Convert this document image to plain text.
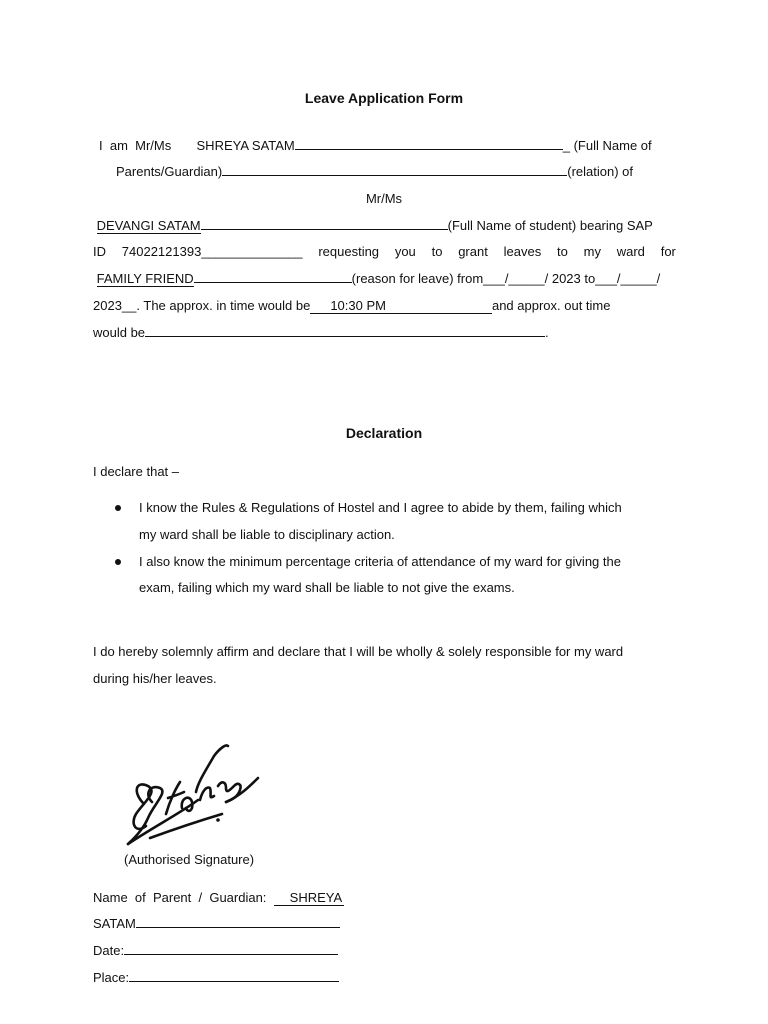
Leave Application Form
I  am  Mr/Ms SHREYA SATAM	_ (Full Name of
Parents/Guardian)	(relation) of
Mr/Ms
DEVANGI SATAM	(Full Name of student) bearing SAP
ID 74022121393______________ requesting you to grant leaves to my ward for
FAMILY FRIEND	(reason for leave) from___/_____/ 2023 to___/_____/
2023__. The approx. in time would be 10:30 PM	and approx. out time
would be	.
Declaration
I declare that –
I know the Rules & Regulations of Hostel and I agree to abide by them, failing which
my ward shall be liable to disciplinary action.
I also know the minimum percentage criteria of attendance of my ward for giving the
exam, failing which my ward shall be liable to not give the exams.
I do hereby solemnly affirm and declare that I will be wholly & solely responsible for my ward
during his/her leaves.
(Authorised Signature)
Name  of  Parent  /  Guardian: SHREYA
SATAM
Date:
Place:
